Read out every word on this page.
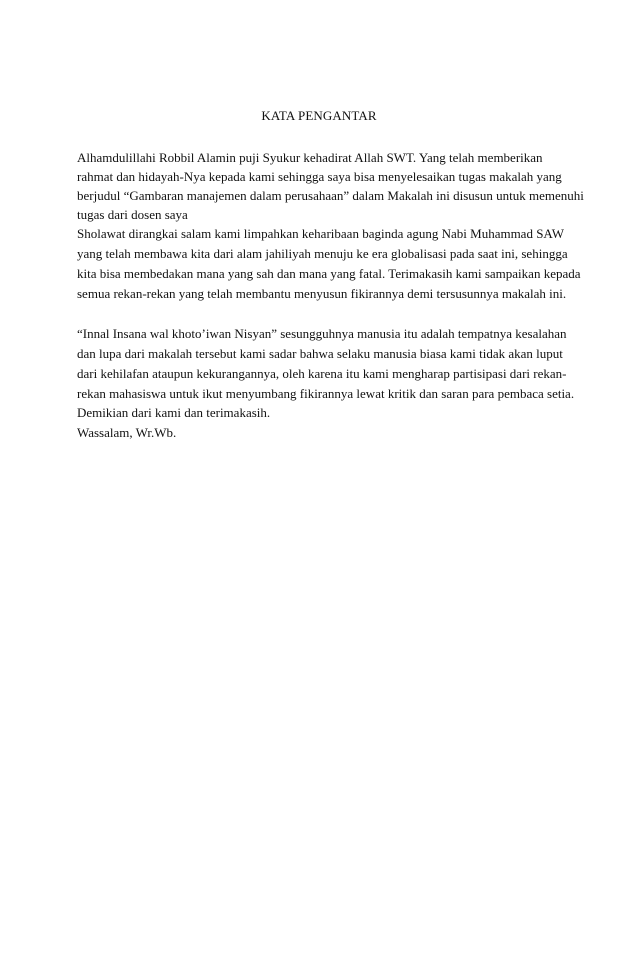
KATA PENGANTAR
Alhamdulillahi Robbil Alamin puji Syukur kehadirat Allah SWT. Yang telah memberikan
rahmat dan hidayah-Nya kepada kami sehingga saya bisa menyelesaikan tugas makalah yang
berjudul “Gambaran manajemen dalam perusahaan” dalam Makalah ini disusun untuk memenuhi
tugas dari dosen saya
Sholawat dirangkai salam kami limpahkan keharibaan baginda agung Nabi Muhammad SAW
yang telah membawa kita dari alam jahiliyah menuju ke era globalisasi pada saat ini, sehingga
kita bisa membedakan mana yang sah dan mana yang fatal. Terimakasih kami sampaikan kepada
semua rekan-rekan yang telah membantu menyusun fikirannya demi tersusunnya makalah ini.
“Innal Insana wal khoto’iwan Nisyan” sesungguhnya manusia itu adalah tempatnya kesalahan
dan lupa dari makalah tersebut kami sadar bahwa selaku manusia biasa kami tidak akan luput
dari kehilafan ataupun kekurangannya, oleh karena itu kami mengharap partisipasi dari rekan-
rekan mahasiswa untuk ikut menyumbang fikirannya lewat kritik dan saran para pembaca setia.
Demikian dari kami dan terimakasih.
Wassalam, Wr.Wb.
